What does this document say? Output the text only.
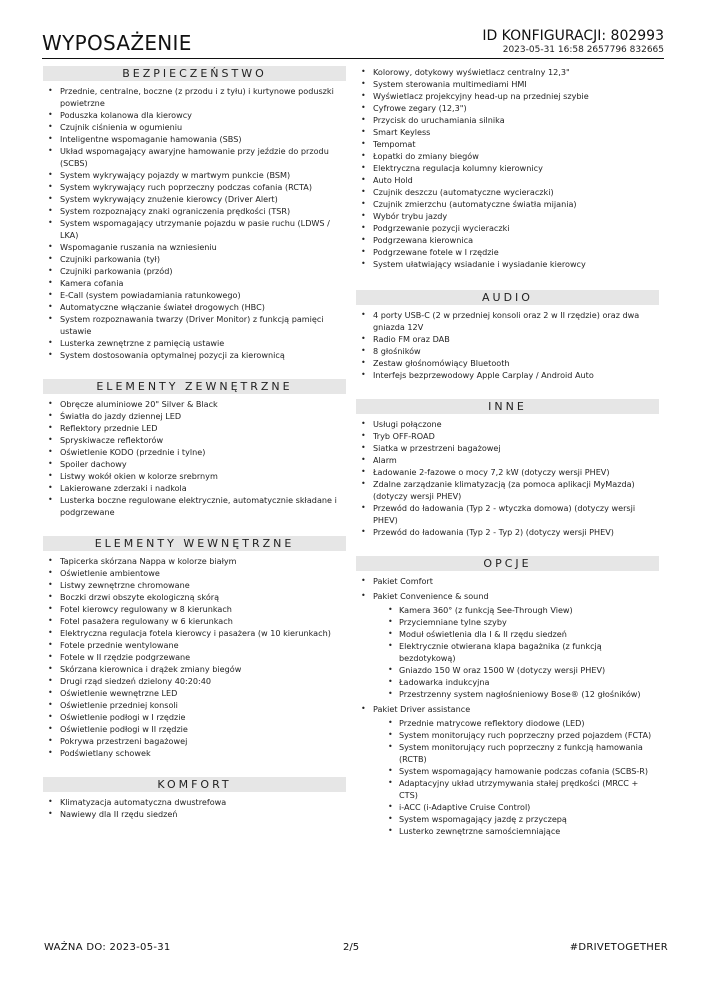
WYPOSAŻENIE	ID KONFIGURACJI: 802993
2023-05-31 16:58 2657796 832665
BEZPIECZEŃSTWO
• Przednie, centralne, boczne (z przodu i z tyłu) i kurtynowe poduszki powietrzne
• Poduszka kolanowa dla kierowcy
• Czujnik ciśnienia w ogumieniu
• Inteligentne wspomaganie hamowania (SBS)
• Układ wspomagający awaryjne hamowanie przy jeździe do przodu (SCBS)
• System wykrywający pojazdy w martwym punkcie (BSM)
• System wykrywający ruch poprzeczny podczas cofania (RCTA)
• System wykrywający znużenie kierowcy (Driver Alert)
• System rozpoznający znaki ograniczenia prędkości (TSR)
• System wspomagający utrzymanie pojazdu w pasie ruchu (LDWS / LKA)
• Wspomaganie ruszania na wzniesieniu
• Czujniki parkowania (tył)
• Czujniki parkowania (przód)
• Kamera cofania
• E-Call (system powiadamiania ratunkowego)
• Automatyczne włączanie świateł drogowych (HBC)
• System rozpoznawania twarzy (Driver Monitor) z funkcją pamięci ustawie
• Lusterka zewnętrzne z pamięcią ustawie
• System dostosowania optymalnej pozycji za kierownicą
ELEMENTY ZEWNĘTRZNE
• Obręcze aluminiowe 20" Silver & Black
• Światła do jazdy dziennej LED
• Reflektory przednie LED
• Spryskiwacze reflektorów
• Oświetlenie KODO (przednie i tylne)
• Spoiler dachowy
• Listwy wokół okien w kolorze srebrnym
• Lakierowane zderzaki i nadkola
• Lusterka boczne regulowane elektrycznie, automatycznie składane i podgrzewane
ELEMENTY WEWNĘTRZNE
• Tapicerka skórzana Nappa w kolorze białym
• Oświetlenie ambientowe
• Listwy zewnętrzne chromowane
• Boczki drzwi obszyte ekologiczną skórą
• Fotel kierowcy regulowany w 8 kierunkach
• Fotel pasażera regulowany w 6 kierunkach
• Elektryczna regulacja fotela kierowcy i pasażera (w 10 kierunkach)
• Fotele przednie wentylowane
• Fotele w II rzędzie podgrzewane
• Skórzana kierownica i drążek zmiany biegów
• Drugi rząd siedzeń dzielony 40:20:40
• Oświetlenie wewnętrzne LED
• Oświetlenie przedniej konsoli
• Oświetlenie podłogi w I rzędzie
• Oświetlenie podłogi w II rzędzie
• Pokrywa przestrzeni bagażowej
• Podświetlany schowek
KOMFORT
• Klimatyzacja automatyczna dwustrefowa
• Nawiewy dla II rzędu siedzeń
• Kolorowy, dotykowy wyświetlacz centralny 12,3"
• System sterowania multimediami HMI
• Wyświetlacz projekcyjny head-up na przedniej szybie
• Cyfrowe zegary (12,3")
• Przycisk do uruchamiania silnika
• Smart Keyless
• Tempomat
• Łopatki do zmiany biegów
• Elektryczna regulacja kolumny kierownicy
• Auto Hold
• Czujnik deszczu (automatyczne wycieraczki)
• Czujnik zmierzchu (automatyczne światła mijania)
• Wybór trybu jazdy
• Podgrzewanie pozycji wycieraczki
• Podgrzewana kierownica
• Podgrzewane fotele w I rzędzie
• System ułatwiający wsiadanie i wysiadanie kierowcy
AUDIO
• 4 porty USB-C (2 w przedniej konsoli oraz 2 w II rzędzie) oraz dwa gniazda 12V
• Radio FM oraz DAB
• 8 głośników
• Zestaw głośnomówiący Bluetooth
• Interfejs bezprzewodowy Apple Carplay / Android Auto
INNE
• Usługi połączone
• Tryb OFF-ROAD
• Siatka w przestrzeni bagażowej
• Alarm
• Ładowanie 2-fazowe o mocy 7,2 kW (dotyczy wersji PHEV)
• Zdalne zarządzanie klimatyzacją (za pomoca aplikacji MyMazda) (dotyczy wersji PHEV)
• Przewód do ładowania (Typ 2 - wtyczka domowa) (dotyczy wersji PHEV)
• Przewód do ładowania (Typ 2 - Typ 2) (dotyczy wersji PHEV)
OPCJE
• Pakiet Comfort
• Pakiet Convenience & sound
• Kamera 360° (z funkcją See-Through View)
• Przyciemniane tylne szyby
• Moduł oświetlenia dla I & II rzędu siedzeń
• Elektrycznie otwierana klapa bagażnika (z funkcją bezdotykową)
• Gniazdo 150 W oraz 1500 W (dotyczy wersji PHEV)
• Ładowarka indukcyjna
• Przestrzenny system nagłośnieniowy Bose® (12 głośników)
• Pakiet Driver assistance
• Przednie matrycowe reflektory diodowe (LED)
• System monitorujący ruch poprzeczny przed pojazdem (FCTA)
• System monitorujący ruch poprzeczny z funkcją hamowania (RCTB)
• System wspomagający hamowanie podczas cofania (SCBS-R)
• Adaptacyjny układ utrzymywania stałej prędkości (MRCC + CTS)
• i-ACC (i-Adaptive Cruise Control)
• System wspomagający jazdę z przyczepą
• Lusterko zewnętrzne samościemniające
WAŻNA DO: 2023-05-31	2/5	#DRIVETOGETHER
